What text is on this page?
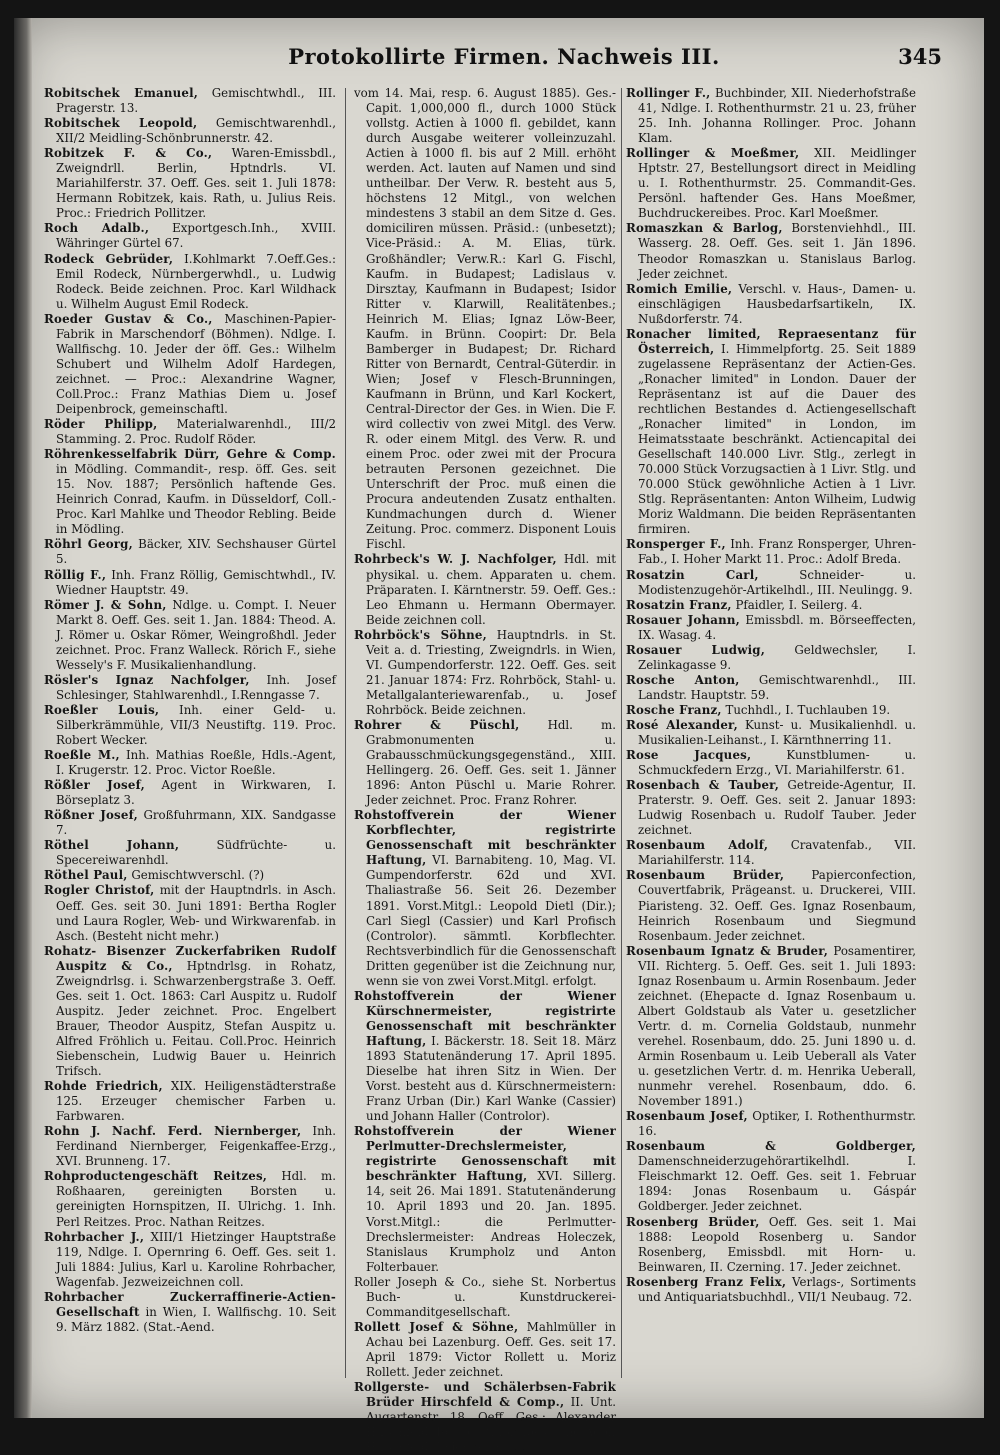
Protokollirte Firmen. Nachweis III.	345
Robitschek Emanuel, Gemischtwhdl., III. Pragerstr. 13.
Robitschek Leopold, Gemischtwarenhdl., XII/2 Meidling-Schönbrunnerstr. 42.
Robitzek F. & Co., Waren-Emissbdl., Zweigndrll. Berlin, Hptndrls. VI. Mariahilferstr. 37. Oeff. Ges. seit 1. Juli 1878: Hermann Robitzek, kais. Rath, u. Julius Reis. Proc.: Friedrich Pollitzer.
Roch Adalb., Exportgesch.Inh., XVIII. Währinger Gürtel 67.
Rodeck Gebrüder, I.Kohlmarkt 7.Oeff.Ges.: Emil Rodeck, Nürnbergerwhdl., u. Ludwig Rodeck. Beide zeichnen. Proc. Karl Wildhack u. Wilhelm August Emil Rodeck.
Roeder Gustav & Co., Maschinen-Papier-Fabrik in Marschendorf (Böhmen). Ndlge. I. Wallfischg. 10. Jeder der öff. Ges.: Wilhelm Schubert und Wilhelm Adolf Hardegen, zeichnet. — Proc.: Alexandrine Wagner, Coll.Proc.: Franz Mathias Diem u. Josef Deipenbrock, gemeinschaftl.
Röder Philipp, Materialwarenhdl., III/2 Stamming. 2. Proc. Rudolf Röder.
Röhrenkesselfabrik Dürr, Gehre & Comp. in Mödling. Commandit-, resp. öff. Ges. seit 15. Nov. 1887; Persönlich haftende Ges. Heinrich Conrad, Kaufm. in Düsseldorf, Coll.-Proc. Karl Mahlke und Theodor Rebling. Beide in Mödling.
Röhrl Georg, Bäcker, XIV. Sechshauser Gürtel 5.
Röllig F., Inh. Franz Röllig, Gemischtwhdl., IV. Wiedner Hauptstr. 49.
Römer J. & Sohn, Ndlge. u. Compt. I. Neuer Markt 8. Oeff. Ges. seit 1. Jan. 1884: Theod. A. J. Römer u. Oskar Römer, Weingroßhdl. Jeder zeichnet. Proc. Franz Walleck. Rörich F., siehe Wessely's F. Musikalienhandlung.
Rösler's Ignaz Nachfolger, Inh. Josef Schlesinger, Stahlwarenhdl., I.Renngasse 7.
Roeßler Louis, Inh. einer Geld- u. Silberkrämmühle, VII/3 Neustiftg. 119. Proc. Robert Wecker.
Roeßle M., Inh. Mathias Roeßle, Hdls.-Agent, I. Krugerstr. 12. Proc. Victor Roeßle.
Rößler Josef, Agent in Wirkwaren, I. Börseplatz 3.
Rößner Josef, Großfuhrmann, XIX. Sandgasse 7.
Röthel Johann,	Südfrüchte- u. Specereiwarenhdl.
Röthel Paul, Gemischtwverschl. (?)
Rogler Christof, mit der Hauptndrls. in Asch. Oeff. Ges. seit 30. Juni 1891: Bertha Rogler und Laura Rogler, Web- und Wirkwarenfab. in Asch. (Besteht nicht mehr.)
Rohatz- Bisenzer Zuckerfabriken Rudolf Auspitz & Co., Hptndrlsg. in Rohatz, Zweigndrlsg. i. Schwarzenbergstraße 3. Oeff. Ges. seit 1. Oct. 1863: Carl Auspitz u. Rudolf Auspitz. Jeder zeichnet. Proc. Engelbert Brauer, Theodor Auspitz, Stefan Auspitz u. Alfred Fröhlich u. Feitau. Coll.Proc. Heinrich Siebenschein, Ludwig Bauer u. Heinrich Trifsch.
Rohde Friedrich, XIX. Heiligenstädterstraße 125. Erzeuger chemischer Farben u. Farbwaren.
Rohn J. Nachf. Ferd. Niernberger, Inh. Ferdinand Niernberger, Feigenkaffee-Erzg., XVI. Brunneng. 17.
Rohproductengeschäft Reitzes, Hdl. m. Roßhaaren, gereinigten Borsten u. gereinigten Hornspitzen, II. Ulrichg. 1. Inh. Perl Reitzes. Proc. Nathan Reitzes.
Rohrbacher J., XIII/1 Hietzinger Hauptstraße 119, Ndlge. I. Opernring 6. Oeff. Ges. seit 1. Juli 1884: Julius, Karl u. Karoline Rohrbacher, Wagenfab. Jezweizeichnen coll.
Rohrbacher Zuckerraffinerie-Actien-Gesellschaft in Wien, I. Wallfischg. 10. Seit 9. März 1882. (Stat.-Aend.
vom 14. Mai, resp. 6. August 1885). Ges.-Capit. 1,000,000 fl., durch 1000 Stück vollstg. Actien à 1000 fl. gebildet, kann durch Ausgabe weiterer volleinzuzahl. Actien à 1000 fl. bis auf 2 Mill. erhöht werden. Act. lauten auf Namen und sind untheilbar. Der Verw. R. besteht aus 5, höchstens 12 Mitgl., von welchen mindestens 3 stabil an dem Sitze d. Ges. domiciliren müssen. Präsid.: (unbesetzt); Vice-Präsid.: A. M. Elias, türk. Großhändler; Verw.R.: Karl G. Fischl, Kaufm. in Budapest; Ladislaus v. Dirsztay, Kaufmann in Budapest; Isidor Ritter v. Klarwill, Realitätenbes.; Heinrich M. Elias; Ignaz Löw-Beer, Kaufm. in Brünn. Coopirt: Dr. Bela Bamberger in Budapest; Dr. Richard Ritter von Bernardt, Central-Güterdir. in Wien; Josef v Flesch-Brunningen, Kaufmann in Brünn, und Karl Kockert, Central-Director der Ges. in Wien. Die F. wird collectiv von zwei Mitgl. des Verw. R. oder einem Mitgl. des Verw. R. und einem Proc. oder zwei mit der Procura betrauten Personen gezeichnet. Die Unterschrift der Proc. muß einen die Procura andeutenden Zusatz enthalten. Kundmachungen durch d. Wiener Zeitung. Proc. commerz. Disponent Louis Fischl.
Rohrbeck's W. J. Nachfolger, Hdl. mit physikal. u. chem. Apparaten u. chem. Präparaten. I. Kärntnerstr. 59. Oeff. Ges.: Leo Ehmann u. Hermann Obermayer. Beide zeichnen coll.
Rohrböck's Söhne, Hauptndrls. in St. Veit a. d. Triesting, Zweigndrls. in Wien, VI. Gumpendorferstr. 122. Oeff. Ges. seit 21. Januar 1874: Frz. Rohrböck, Stahl- u. Metallgalanteriewarenfab., u. Josef Rohrböck. Beide zeichnen.
Rohrer & Püschl, Hdl. m. Grabmonumenten u. Grabausschmückungsgegenständ., XIII. Hellingerg. 26. Oeff. Ges. seit 1. Jänner 1896: Anton Püschl u. Marie Rohrer. Jeder zeichnet. Proc. Franz Rohrer.
Rohstoffverein der Wiener Korbflechter, registrirte Genossenschaft mit beschränkter Haftung, VI. Barnabiteng. 10, Mag. VI. Gumpendorferstr. 62d und XVI. Thaliastraße 56. Seit 26. Dezember 1891. Vorst.Mitgl.: Leopold Dietl (Dir.); Carl Siegl (Cassier) und Karl Profisch (Controlor). sämmtl. Korbflechter. Rechtsverbindlich für die Genossenschaft Dritten gegenüber ist die Zeichnung nur, wenn sie von zwei Vorst.Mitgl. erfolgt.
Rohstoffverein der Wiener Kürschnermeister, registrirte Genossenschaft mit beschränkter Haftung, I. Bäckerstr. 18. Seit 18. März 1893 Statutenänderung 17. April 1895. Dieselbe hat ihren Sitz in Wien. Der Vorst. besteht aus d. Kürschnermeistern: Franz Urban (Dir.) Karl Wanke (Cassier) und Johann Haller (Controlor).
Rohstoffverein der Wiener Perlmutter-Drechslermeister, registrirte Genossenschaft mit beschränkter Haftung, XVI. Sillerg. 14, seit 26. Mai 1891. Statutenänderung 10. April 1893 und 20. Jan. 1895. Vorst.Mitgl.: die Perlmutter-Drechslermeister: Andreas Holeczek, Stanislaus Krumpholz und Anton Folterbauer.
Roller Joseph & Co., siehe St. Norbertus Buch- u. Kunstdruckerei-Commanditgesellschaft.
Rollett Josef & Söhne, Mahlmüller in Achau bei Lazenburg. Oeff. Ges. seit 17. April 1879: Victor Rollett u. Moriz Rollett. Jeder zeichnet.
Rollgerste- und Schälerbsen-Fabrik Brüder Hirschfeld & Comp., II. Unt. Augartenstr. 18. Oeff. Ges.: Alexander Hirschfeld, Rollgerstfabrikbes., und Adolf Hirschfeld. Jeder zeichnet.
Rollinger F., Buchbinder, XII. Niederhofstraße 41, Ndlge. I. Rothenthurmstr. 21 u. 23, früher 25. Inh. Johanna Rollinger. Proc. Johann Klam.
Rollinger & Moeßmer, XII. Meidlinger Hptstr. 27, Bestellungsort direct in Meidling u. I. Rothenthurmstr. 25. Commandit-Ges. Persönl. haftender Ges. Hans Moeßmer, Buchdruckereibes. Proc. Karl Moeßmer.
Romaszkan & Barlog, Borstenviehhdl., III. Wasserg. 28. Oeff. Ges. seit 1. Jän 1896. Theodor Romaszkan u. Stanislaus Barlog. Jeder zeichnet.
Romich Emilie, Verschl. v. Haus-, Damen- u. einschlägigen Hausbedarfsartikeln, IX. Nußdorferstr. 74.
Ronacher limited, Repraesentanz für Österreich, I. Himmelpfortg. 25. Seit 1889 zugelassene Repräsentanz der Actien-Ges. „Ronacher limited" in London. Dauer der Repräsentanz ist auf die Dauer des rechtlichen Bestandes d. Actiengesellschaft „Ronacher limited" in London, im Heimatsstaate beschränkt. Actiencapital dei Gesellschaft 140.000 Livr. Stlg., zerlegt in 70.000 Stück Vorzugsactien à 1 Livr. Stlg. und 70.000 Stück gewöhnliche Actien à 1 Livr. Stlg. Repräsentanten: Anton Wilheim, Ludwig Moriz Waldmann. Die beiden Repräsentanten firmiren.
Ronsperger F., Inh. Franz Ronsperger, Uhren-Fab., I. Hoher Markt 11. Proc.: Adolf Breda.
Rosatzin Carl,	Schneider- u. Modistenzugehör-Artikelhdl., III. Neulingg. 9.
Rosatzin Franz, Pfaidler, I. Seilerg. 4.
Rosauer Johann, Emissbdl. m. Börseeffecten, IX. Wasag. 4.
Rosauer Ludwig, Geldwechsler, I. Zelinkagasse 9.
Rosche Anton, Gemischtwarenhdl., III. Landstr. Hauptstr. 59.
Rosche Franz, Tuchhdl., I. Tuchlauben 19.
Rosé Alexander, Kunst- u. Musikalienhdl. u. Musikalien-Leihanst., I. Kärnthnerring 11.
Rose Jacques,	Kunstblumen- u. Schmuckfedern Erzg., VI. Mariahilferstr. 61.
Rosenbach & Tauber, Getreide-Agentur, II. Praterstr. 9. Oeff. Ges. seit 2. Januar 1893: Ludwig Rosenbach u. Rudolf Tauber. Jeder zeichnet.
Rosenbaum Adolf, Cravatenfab., VII. Mariahilferstr. 114.
Rosenbaum Brüder, Papierconfection, Couvertfabrik, Prägeanst. u. Druckerei, VIII. Piaristeng. 32. Oeff. Ges. Ignaz Rosenbaum, Heinrich Rosenbaum und Siegmund Rosenbaum. Jeder zeichnet.
Rosenbaum Ignatz & Bruder, Posamentirer, VII. Richterg. 5. Oeff. Ges. seit 1. Juli 1893: Ignaz Rosenbaum u. Armin Rosenbaum. Jeder zeichnet. (Ehepacte d. Ignaz Rosenbaum u. Albert Goldstaub als Vater u. gesetzlicher Vertr. d. m. Cornelia Goldstaub, nunmehr verehel. Rosenbaum, ddo. 25. Juni 1890 u. d. Armin Rosenbaum u. Leib Ueberall als Vater u. gesetzlichen Vertr. d. m. Henrika Ueberall, nunmehr verehel. Rosenbaum, ddo. 6. November 1891.)
Rosenbaum Josef, Optiker, I. Rothenthurmstr. 16.
Rosenbaum & Goldberger, Damenschneiderzugehörartikelhdl. I. Fleischmarkt 12. Oeff. Ges. seit 1. Februar 1894: Jonas Rosenbaum u. Gáspár Goldberger. Jeder zeichnet.
Rosenberg Brüder, Oeff. Ges. seit 1. Mai 1888: Leopold Rosenberg u. Sandor Rosenberg, Emissbdl. mit Horn- u. Beinwaren, II. Czerning. 17. Jeder zeichnet.
Rosenberg Franz Felix, Verlags-, Sortiments und Antiquariatsbuchhdl., VII/1 Neubaug. 72.
